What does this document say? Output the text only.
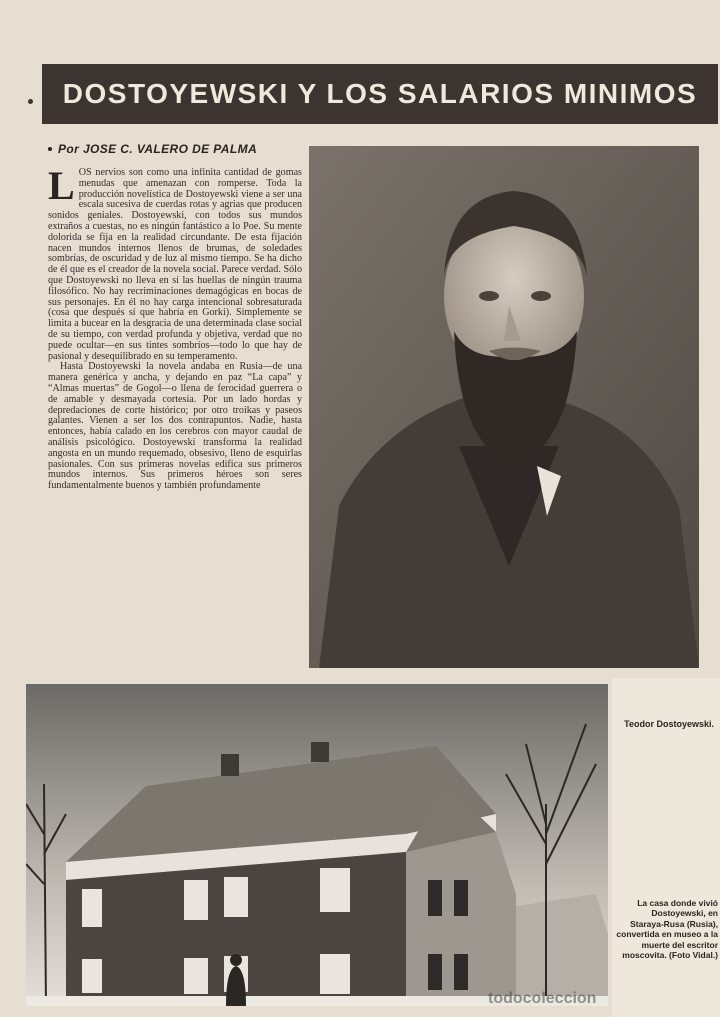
DOSTOYEWSKI Y LOS SALARIOS MINIMOS
Por JOSE C. VALERO DE PALMA

LOS nervios son como una infinita cantidad de gomas menudas que amenazan con romperse. Toda la producción novelística de Dostoyewski viene a ser una escala sucesiva de cuerdas rotas y agrias que producen sonidos geniales. Dostoyewski, con todos sus mundos extraños a cuestas, no es ningún fantástico a lo Poe. Su mente dolorida se fija en la realidad circundante. De esta fijación nacen mundos internos llenos de brumas, de soledades sombrías, de oscuridad y de luz al mismo tiempo. Se ha dicho de él que es el creador de la novela social. Parece verdad. Sólo que Dostoyewski no lleva en sí las huellas de ningún trauma filosófico. No hay recriminaciones demagógicas en bocas de sus personajes. En él no hay carga intencional sobresaturada (cosa que después sí que habría en Gorki). Simplemente se limita a bucear en la desgracia de una determinada clase social de su tiempo, con verdad profunda y objetiva, verdad que no puede ocultar—en sus tintes sombríos—todo lo que hay de pasional y desequilibrado en su temperamento.

Hasta Dostoyewski la novela andaba en Rusia—de una manera genérica y ancha, y dejando en paz “La capa” y “Almas muertas” de Gogol—o llena de ferocidad guerrera o de amable y desmayada cortesía. Por un lado hordas y depredaciones de corte histórico; por otro troikas y paseos galantes. Vienen a ser los dos contrapuntos. Nadie, hasta entonces, había calado en los cerebros con mayor caudal de análisis psicológico. Dostoyewski transforma la realidad angosta en un mundo requemado, obsesivo, lleno de esquirlas pasionales. Con sus primeras novelas edifica sus primeros mundos internos. Sus primeros héroes son seres fundamentalmente buenos y también profundamente

Teodor Dostoyewski.
La casa donde vivió Dostoyewski, en Staraya-Rusa (Rusia), convertida en museo a la muerte del escritor moscovita. (Foto Vidal.)
todocoleccion
